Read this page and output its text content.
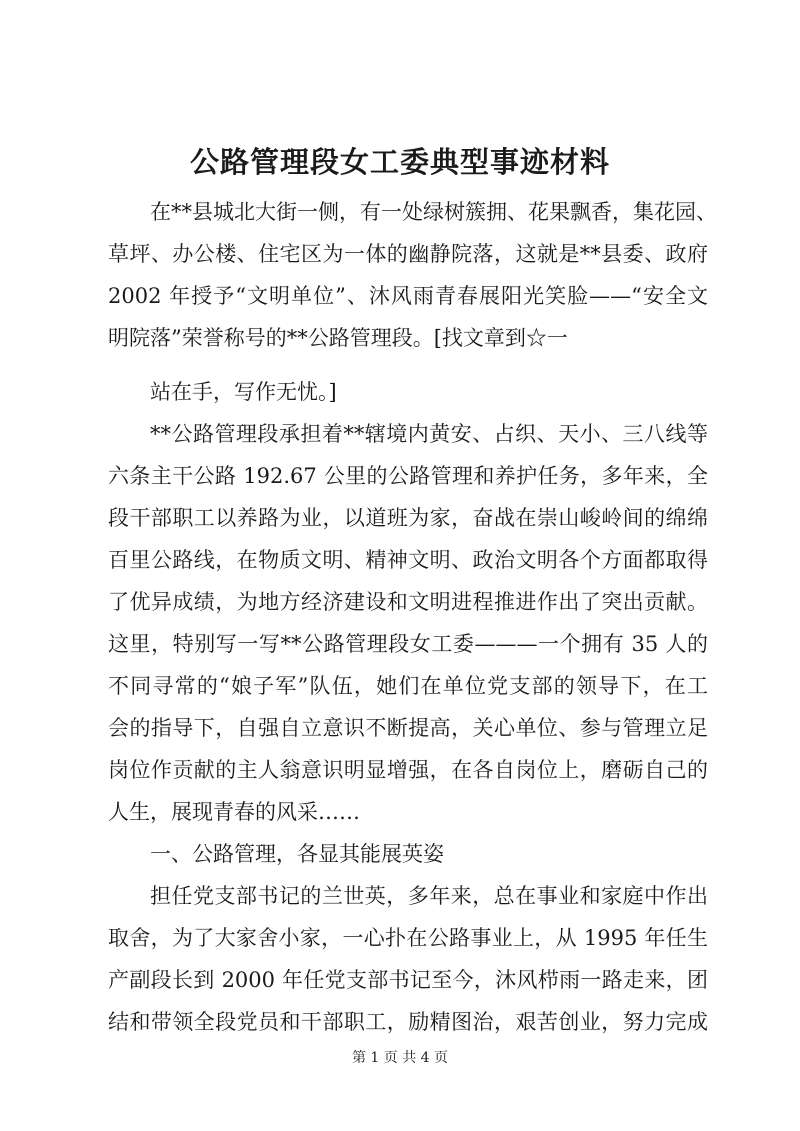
公路管理段女工委典型事迹材料
在**县城北大街一侧，有一处绿树簇拥、花果飘香，集花园、
草坪、办公楼、住宅区为一体的幽静院落，这就是**县委、政府
2002 年授予“文明单位”、沐风雨青春展阳光笑脸——“安全文
明院落”荣誉称号的**公路管理段。[找文章到☆一
站在手，写作无忧。]
**公路管理段承担着**辖境内黄安、占织、天小、三八线等
六条主干公路 192.67 公里的公路管理和养护任务，多年来，全
段干部职工以养路为业，以道班为家，奋战在崇山峻岭间的绵绵
百里公路线，在物质文明、精神文明、政治文明各个方面都取得
了优异成绩，为地方经济建设和文明进程推进作出了突出贡献。
这里，特别写一写**公路管理段女工委———一个拥有 35 人的
不同寻常的“娘子军”队伍，她们在单位党支部的领导下，在工
会的指导下，自强自立意识不断提高，关心单位、参与管理立足
岗位作贡献的主人翁意识明显增强，在各自岗位上，磨砺自己的
人生，展现青春的风采……
一、公路管理，各显其能展英姿
担任党支部书记的兰世英，多年来，总在事业和家庭中作出
取舍，为了大家舍小家，一心扑在公路事业上，从 1995 年任生
产副段长到 2000 年任党支部书记至今，沐风栉雨一路走来，团
结和带领全段党员和干部职工，励精图治，艰苦创业，努力完成
第 1 页 共 4 页
